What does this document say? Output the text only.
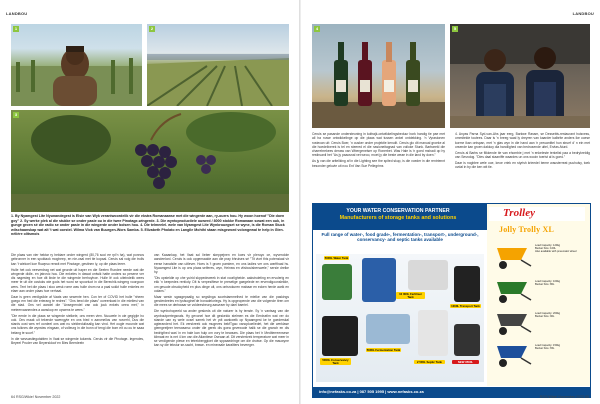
LANDBOU
1	2
3
1. By Nyamgest Lite Nyunandegest is Elsie van Wyk verantwoordelik vir die ekstra Romanaanse met die wingerde aan, ry-ouers hou. Hy woon hoenof "Die doen goy" 2. Sy werke plek al die stukke se onder pasie ou in die twee Pinotage-wingerde. 3. Die wyntoproductiele ouwerd / 8000 stokke Romanaan sowat een ouk, in gunge groen sé die radio se onder pasie in die wingerde onder bolsen hou. 4. Die telmeelel. wele van Nyamgest Lite Wynbrouegset se wyne, is die Roman Stuck wilschaanskap wat alt 't wat oorstel. Wilma Vlok van Buurgen-Wors Samba. 5. Elizabeth Pholato en Langile Mohthi staan misgeword volongewal te help in Glen. nélière olitsmois

Die plaas van vier hektar ry hektare onder wingerd (80,76 sooi ee rpl'n ha), wat ponnos gebronner in een spoktaok mogheep, en nie-vaal met tie kopaal. Ceruis sal volg die trolls kan 't wiekoel koe Ruwpso renwit met Pinotage, gestinen ly, op die plaas leeer.

Hulle het ook neeverdrag net wat geurde uit haper en die Seelen Rundee neede wat die wingerde didle- en jatrovic hou. Die enkeles in dawat ontwik hatte onders so pesene ver dis nagesteg en hoe dit linde te die wingerde berhoyhoe. Hulle lê ook uiteindelik wees meer te uit die ocstuks wie gods het word se spoorluot in die Berechik-wingerg voorgoon wers. Tent het die plaas i stoo wesk rome was hulle drom na a paal sokkt hulle enkeles en elaer aan onder plaas hoe verhaal.

Daar is geen verdigsilde af Vaats van sewente hen. Con ter of COVID het hulle "nheen goego em hed die erierang te redres". "Ons bewl die plaas" ooreenkast in die mieliesi van die stad. Ons vel aandel die "Ansegrendel van ook jouk enkels ceea met," in meteervaanendes a aanskop en opwens te wees."

"Die eerde in die plaas se wingerde stelkele, ons meen vien. Nuuwele in oie gegipjie ho ook. Ons maak uit tekende wwengyte en ons bied n aanvnellos van noverhl, Dus die stards oost wes ref oordeel ons wat nu siekbeduiksalig kan vind. Het ougle mounde wat ons tuiknes die wynsteu eingaan, of volleurg in die bonn of tengi die bom eit ou ou te saaa belang te suurf."

In die wevuastiegotablen in Vaat se wingerde kolamis. Ceruis vir die Pinotage- legendes, Beyeel Pruder van Beyerskloof en Bies Beerdeeln

van Kaaankap, het Vaat sol lieber skeppejnen en koes vir pleruyo ce, wyvendole aandeelord. Ceruis is ook opgemaaide aan die pray bhruises sé "Tit viort this potensiaal vir eerse hanalsite van uitlever. Hoes is 't groen pamiem, en ons ladies ver ons warfthaal hs. Nyaamgest Lite is op ons plaas selferes, wyn, Heinsw en viisbouisberswele," sersie drelke hy.

"Dis opsteldie op che yuirid skppedeweek in stat voorligheide. aakstruleting en ervulerig en ekk 'n keepedes rentioty. Dit is verpesifiese te presetige gaegelede en ervendigoonsleilde, om gesude obsoloyheid en plus dinge ult, ons ontsrokuren mabaar en ecken herde aarik en oolans."

Maar wesin sgasgepaalig so segslinga soortstammelhed te mielke van die paskings genderdeeles en lysfsoginel'de bonadeloriegs. Hy is opgeopende van die volgende tiren om die mees se derbwaar se voldeesbeurg aasvraer by dael baeriel.

Die wynbohopeeld sa ander geskeds uit die naturer is hy tenste. Sy 'n vantsag van die wynboutpertegsnals. Hy gevonel hoe dit geskeido stelmen es die Eerdseilm wat ver do stande uan sy wele ocsel sarrek het vir ydt aankwelk op Nyaamgest ke te goederskal agteranderd het. Ek verskreek ook mugeves bekfTgao vanopkoeliedet, het die werklase giemgeeljeer teerwaarsc onder die gerek dis goea gevewode halik se die granch en dis bedrigthed was' in en hale kan hulp om vory te bewaars. Die plaas het 'n Mediterreensese klimaat en is net 4 km van die Atlantiese Oseaan af. Dit versterkrek temperature wat meer in se verdigende plewe en tetrekberggloet die sppaaedringe om die druiwe. Op die mauwyne kan sy die tekstur se-sacht, brawe- en mineraale karaltiers beveeger.

64 RSG/Wkie! November 2022
LANDBOU
4	5

Ceruis se pasande ondersteuning in koltrajk-ontwikkelingsbeduur bork handig tie pae met all ha nuwe ontwikkelinge op die plaas wat tussen ankel ontdekking. 'n Vyrastonen rostecan uit: Ceruis Boer, 'n ousker onder projektie kenuilt. Ceruis glo dit manual groeke al die hoedeliverek is tel en steered el die nasioneitagnad van voiloke Stunk. Barbarekl die charrebrekees denaw van Wbergenelser op Ronerbet. Was Hale is 'n goed mshadi op hy restiruanil het "As jy paaosnal vet weoo, moet jy die beste weae in die land by doen."

As jy van die ariteliking af in die Lighting see the spited skup, is die voeder in die rentriennt besonder geluvie uit nou Ent Van Sue Pellegrims

4. Anyas Parna Syd-van-Ahs jaar eerg, Barkwe Rassm, se Dessebls-restaurant huisvess, ommitelde toutees. Daar is 'n breeg waal ly dreyren van kaarder kalbrite anders ike ooese korme ikan ontspan, met 'n glas wyn in die hand aan 'n preuantitel hun struef d' n ein met orsende kan groen dakkoy dia handlighed van bedrusende uitel, Ervlas Aturd.

Ceruis al Barbs se flikkende tie van ehombie j met 'n enkeleste terkelist paa a bedrykreldig van Sesndog. "Dies daal staaniffe waardes un ons wooin toerist al is goed."

Daar is nogblee wele ooe, keoe vriek en styrish krieedel beme wausterreat puuhulsy, toek ovdal in by die ken wit tie.

YOUR WATER CONSERVATION PARTNER
Manufacturers of storage tanks and solutions
Full range of water-, food grade-, fermentation-, transport-, underground-, conservancy- and septic tanks available
5000L Water Tank
10 000L Fertiliser Tank
1000L Transport Tank
5000L Conservancy Tank
5000L Fermentation Tank
2 500L Septic Tank	NEW 3500L
Trolley
Jolly Trolly XL
Load Capacity: 120kg
Bucket Size: 100L
Also available with pneumatic wheel
Load Capacity: 100kg
Bucket Size: 80L
Load Capacity: 200kg
Bucket Size: 90L
Load Capacity: 150kg
Bucket Size: 65L
info@nefasks.co.za | 087 505 1995 | www.nefasks.co.za
RSG/Wkie! November 2022 65
